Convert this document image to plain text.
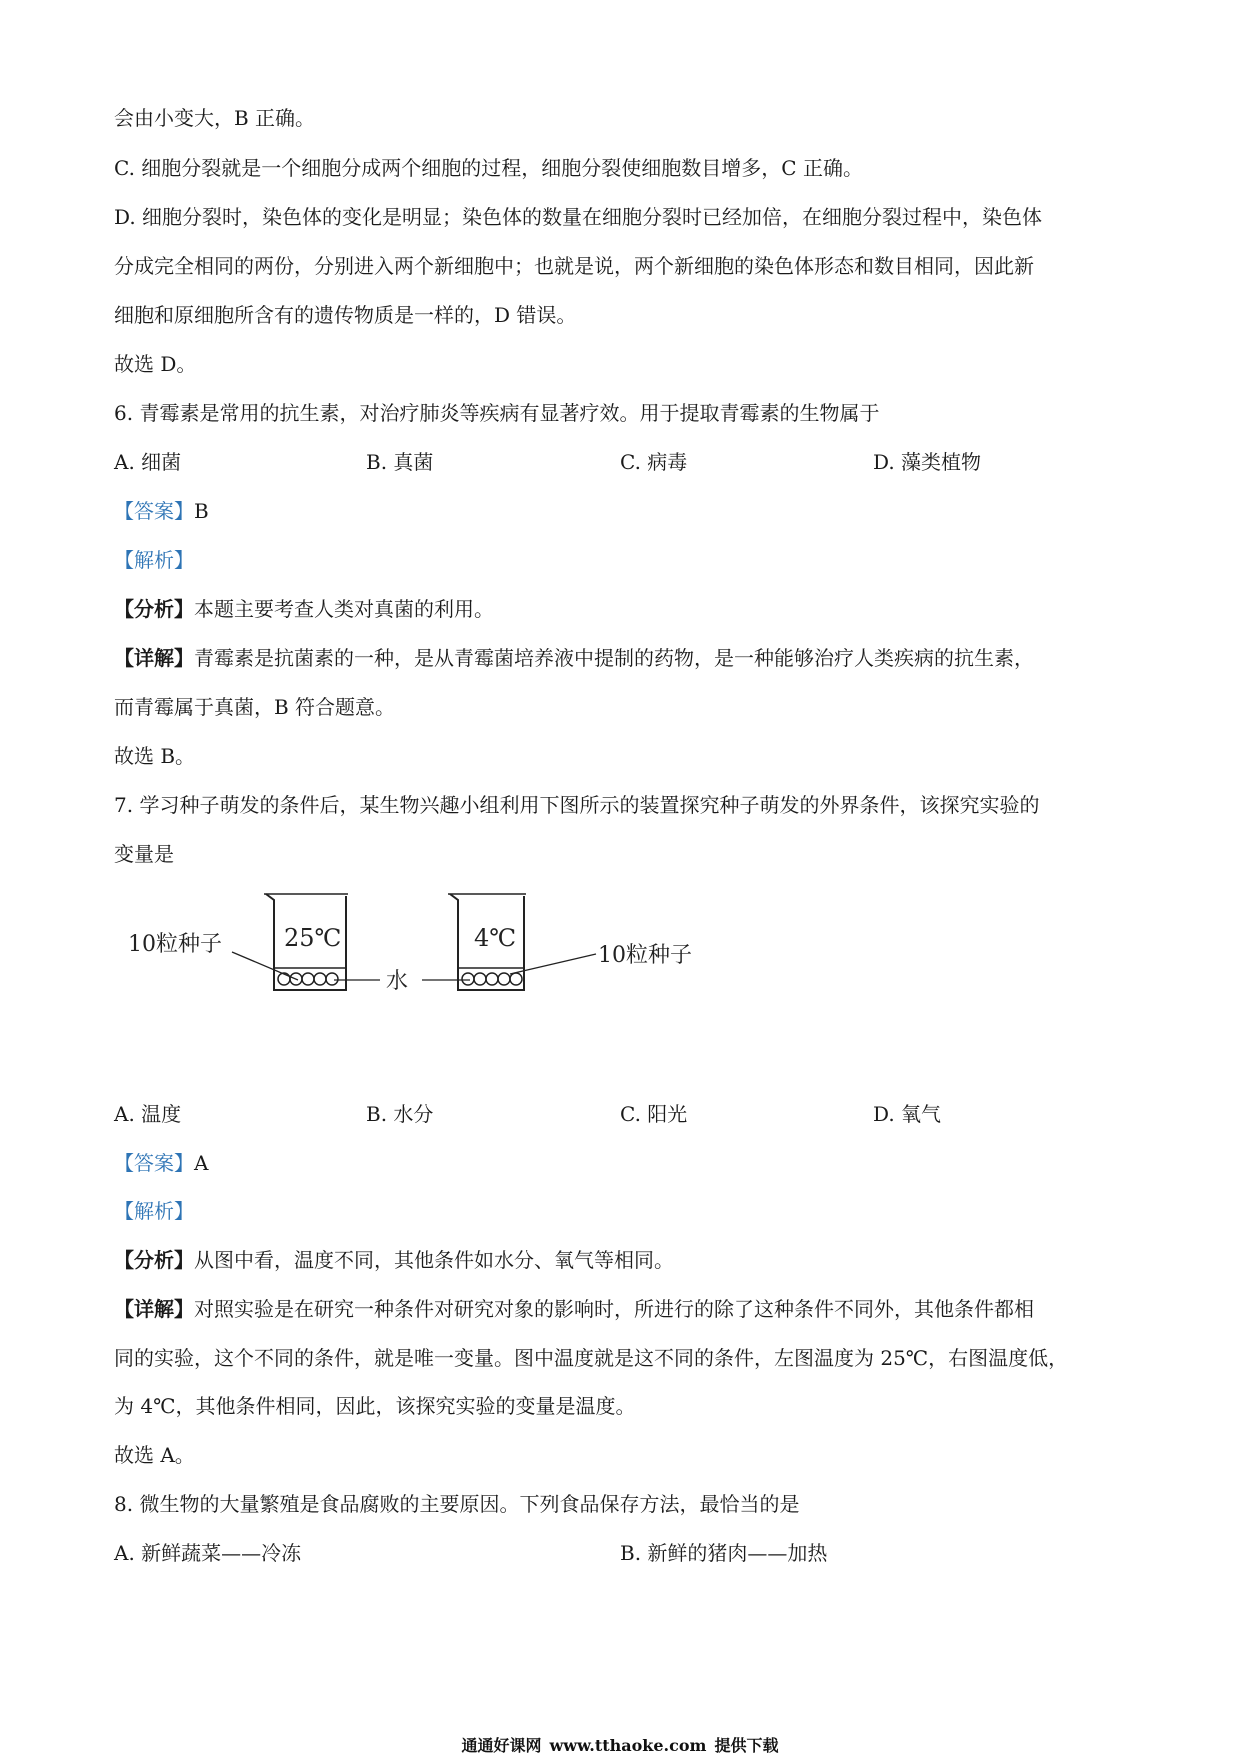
会由小变大，B 正确。
C. 细胞分裂就是一个细胞分成两个细胞的过程，细胞分裂使细胞数目增多，C 正确。
D. 细胞分裂时，染色体的变化是明显；染色体的数量在细胞分裂时已经加倍，在细胞分裂过程中，染色体
分成完全相同的两份，分别进入两个新细胞中；也就是说，两个新细胞的染色体形态和数目相同，因此新
细胞和原细胞所含有的遗传物质是一样的，D 错误。
故选 D。
6. 青霉素是常用的抗生素，对治疗肺炎等疾病有显著疗效。用于提取青霉素的生物属于
A. 细菌	B. 真菌	C. 病毒	D. 藻类植物
【答案】B
【解析】
【分析】本题主要考查人类对真菌的利用。
【详解】青霉素是抗菌素的一种，是从青霉菌培养液中提制的药物，是一种能够治疗人类疾病的抗生素，
而青霉属于真菌，B 符合题意。
故选 B。
7. 学习种子萌发的条件后，某生物兴趣小组利用下图所示的装置探究种子萌发的外界条件，该探究实验的
变量是
25℃	4℃
10粒种子
水
10粒种子
A. 温度	B. 水分	C. 阳光	D. 氧气
【答案】A
【解析】
【分析】从图中看，温度不同，其他条件如水分、氧气等相同。
【详解】对照实验是在研究一种条件对研究对象的影响时，所进行的除了这种条件不同外，其他条件都相
同的实验，这个不同的条件，就是唯一变量。图中温度就是这不同的条件，左图温度为 25℃，右图温度低，
为 4℃，其他条件相同，因此，该探究实验的变量是温度。
故选 A。
8. 微生物的大量繁殖是食品腐败的主要原因。下列食品保存方法，最恰当的是
A. 新鲜蔬菜——冷冻	B. 新鲜的猪肉——加热
通通好课网 www.tthaoke.com 提供下载
